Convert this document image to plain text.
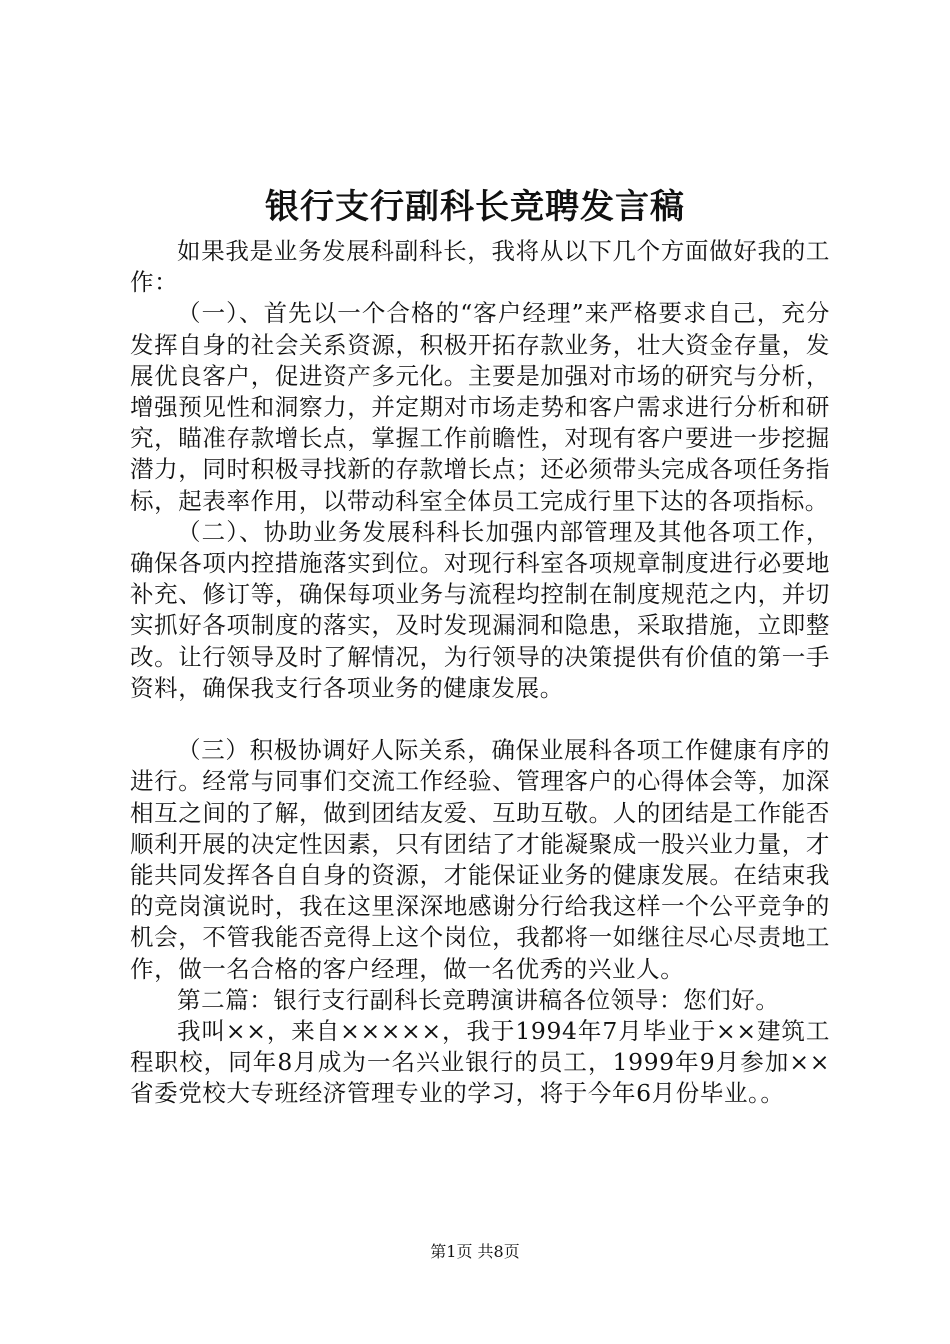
银行支行副科长竞聘发言稿

如果我是业务发展科副科长，我将从以下几个方面做好我的工作：

（一）、首先以一个合格的“客户经理”来严格要求自己，充分发挥自身的社会关系资源，积极开拓存款业务，壮大资金存量，发展优良客户，促进资产多元化。主要是加强对市场的研究与分析，增强预见性和洞察力，并定期对市场走势和客户需求进行分析和研究，瞄准存款增长点，掌握工作前瞻性，对现有客户要进一步挖掘潜力，同时积极寻找新的存款增长点；还必须带头完成各项任务指标，起表率作用，以带动科室全体员工完成行里下达的各项指标。

（二）、协助业务发展科科长加强内部管理及其他各项工作，确保各项内控措施落实到位。对现行科室各项规章制度进行必要地补充、修订等，确保每项业务与流程均控制在制度规范之内，并切实抓好各项制度的落实，及时发现漏洞和隐患，采取措施，立即整改。让行领导及时了解情况，为行领导的决策提供有价值的第一手资料，确保我支行各项业务的健康发展。

（三）积极协调好人际关系，确保业展科各项工作健康有序的进行。经常与同事们交流工作经验、管理客户的心得体会等，加深相互之间的了解，做到团结友爱、互助互敬。人的团结是工作能否顺利开展的决定性因素，只有团结了才能凝聚成一股兴业力量，才能共同发挥各自自身的资源，才能保证业务的健康发展。在结束我的竞岗演说时，我在这里深深地感谢分行给我这样一个公平竞争的机会，不管我能否竞得上这个岗位，我都将一如继往尽心尽责地工作，做一名合格的客户经理，做一名优秀的兴业人。

第二篇：银行支行副科长竞聘演讲稿各位领导：您们好。

我叫××，来自×××××，我于1994年7月毕业于××建筑工程职校，同年8月成为一名兴业银行的员工，1999年9月参加××省委党校大专班经济管理专业的学习，将于今年6月份毕业。。

第1页 共8页
